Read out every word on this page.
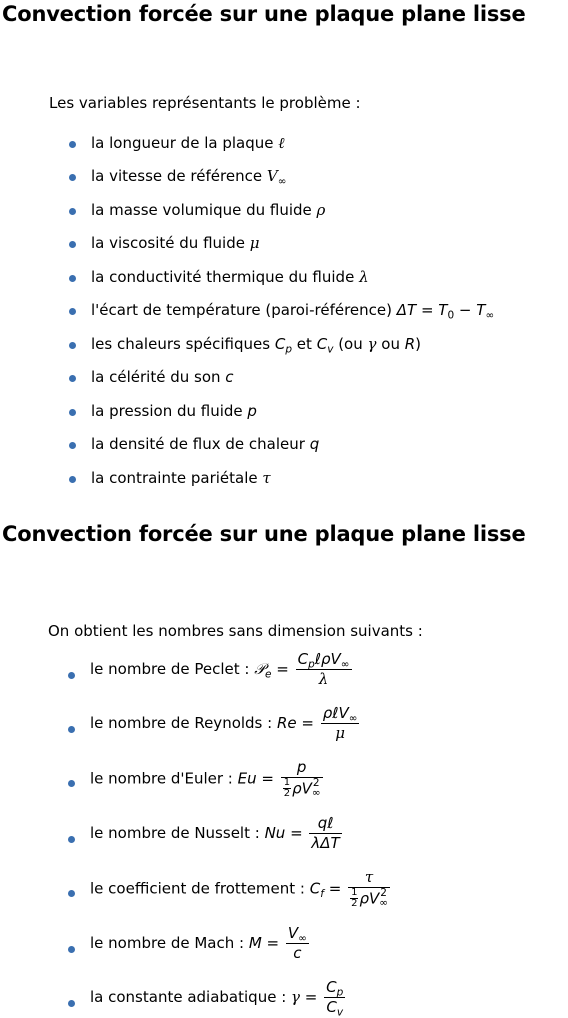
Convection forcée sur une plaque plane lisse
Les variables représentants le problème :
la longueur de la plaque ℓ
la vitesse de référence $V_\infty$
la masse volumique du fluide ρ
la viscosité du fluide μ
la conductivité thermique du fluide λ
l'écart de température (paroi-référence) $\Delta T = T_0 - T_\infty$
les chaleurs spécifiques $C_p$ et $C_v$ (ou γ ou R)
la célérité du son c
la pression du fluide p
la densité de flux de chaleur q
la contrainte pariétale τ
Convection forcée sur une plaque plane lisse
On obtient les nombres sans dimension suivants :
le nombre de Peclet : 𝒫$_e$ = $\frac{C_p\ell\rho V_\infty}{\lambda}$
le nombre de Reynolds : $Re = \frac{\rho\ell V_\infty}{\mu}$
le nombre d'Euler : Eu = p
$\frac{1}{2}$ ρV 2
∞
le nombre de Nusselt : $Nu = \frac{\text{qℓ}}{\text{λΔT}}$
le coefficient de frottement : $C_f = \tau$
$\frac{1}{2}$ ρV 2
∞
le nombre de Mach : $M = \frac{V_\infty}{c}$
la constante adiabatique : $\gamma = \frac{C_p}{C_v}$
